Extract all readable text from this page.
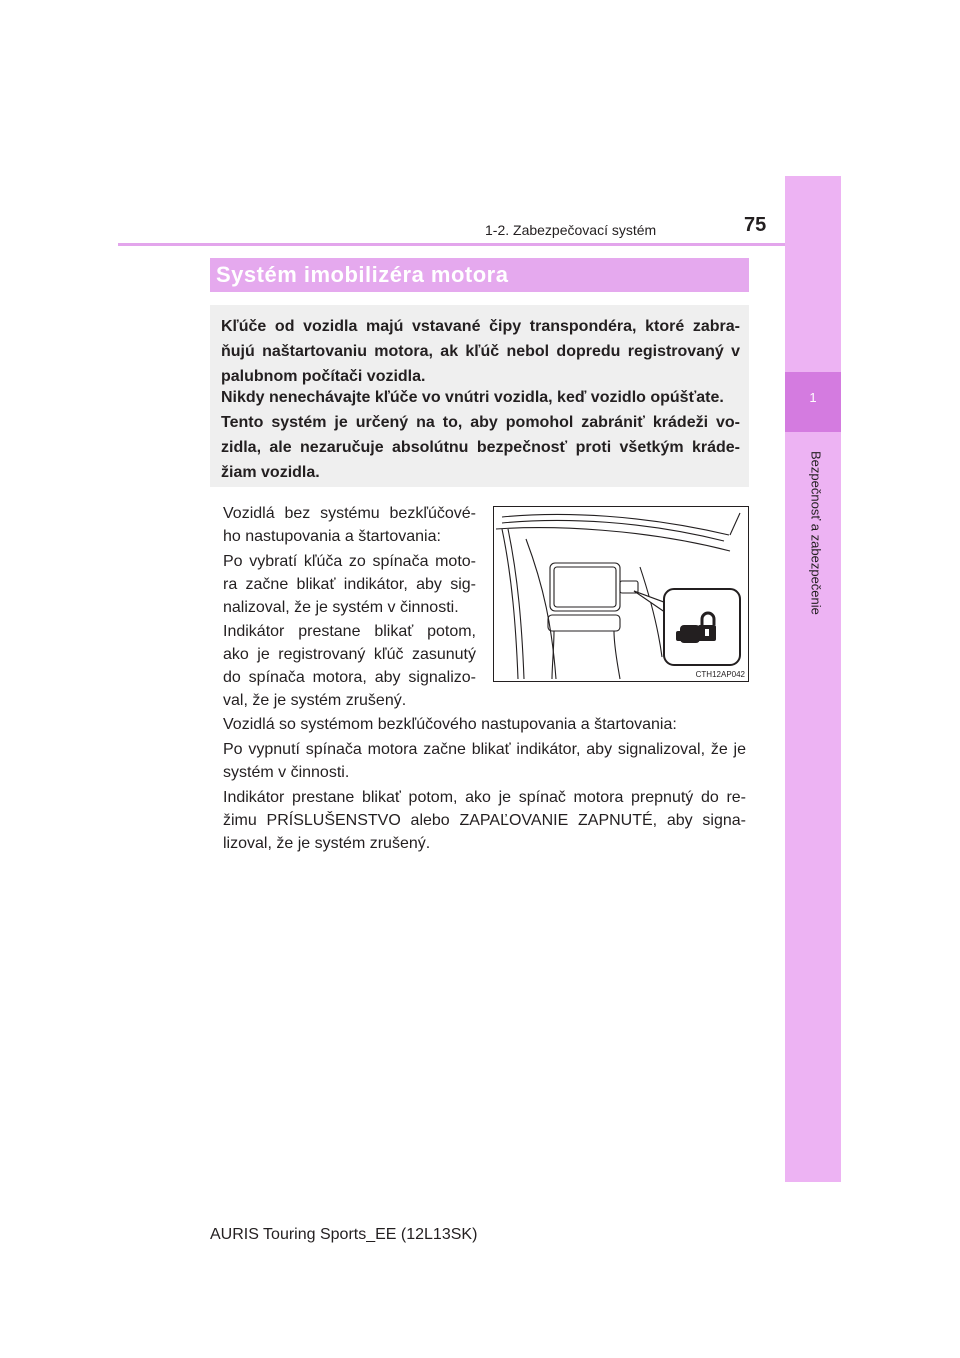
1
Bezpečnosť a zabezpečenie
1-2. Zabezpečovací systém	75
Systém imobilizéra motora

Kľúče od vozidla majú vstavané čipy transpondéra, ktoré zabra-ňujú naštartovaniu motora, ak kľúč nebol dopredu registrovaný v palubnom počítači vozidla.

Nikdy nenechávajte kľúče vo vnútri vozidla, keď vozidlo opúšťate.

Tento systém je určený na to, aby pomohol zabrániť krádeži vo-zidla, ale nezaručuje absolútnu bezpečnosť proti všetkým kráde-žiam vozidla.

Vozidlá bez systému bezkľúčové-ho nastupovania a štartovania:

Po vybratí kľúča zo spínača moto-ra začne blikať indikátor, aby sig-nalizoval, že je systém v činnosti.

Indikátor prestane blikať potom, ako je registrovaný kľúč zasunutý do spínača motora, aby signalizo-val, že je systém zrušený.

Vozidlá so systémom bezkľúčového nastupovania a štartovania:

Po vypnutí spínača motora začne blikať indikátor, aby signalizoval, že je systém v činnosti.

Indikátor prestane blikať potom, ako je spínač motora prepnutý do re-žimu PRÍSLUŠENSTVO alebo ZAPAĽOVANIE ZAPNUTÉ, aby signa-lizoval, že je systém zrušený.

CTH12AP042
AURIS Touring Sports_EE (12L13SK)
